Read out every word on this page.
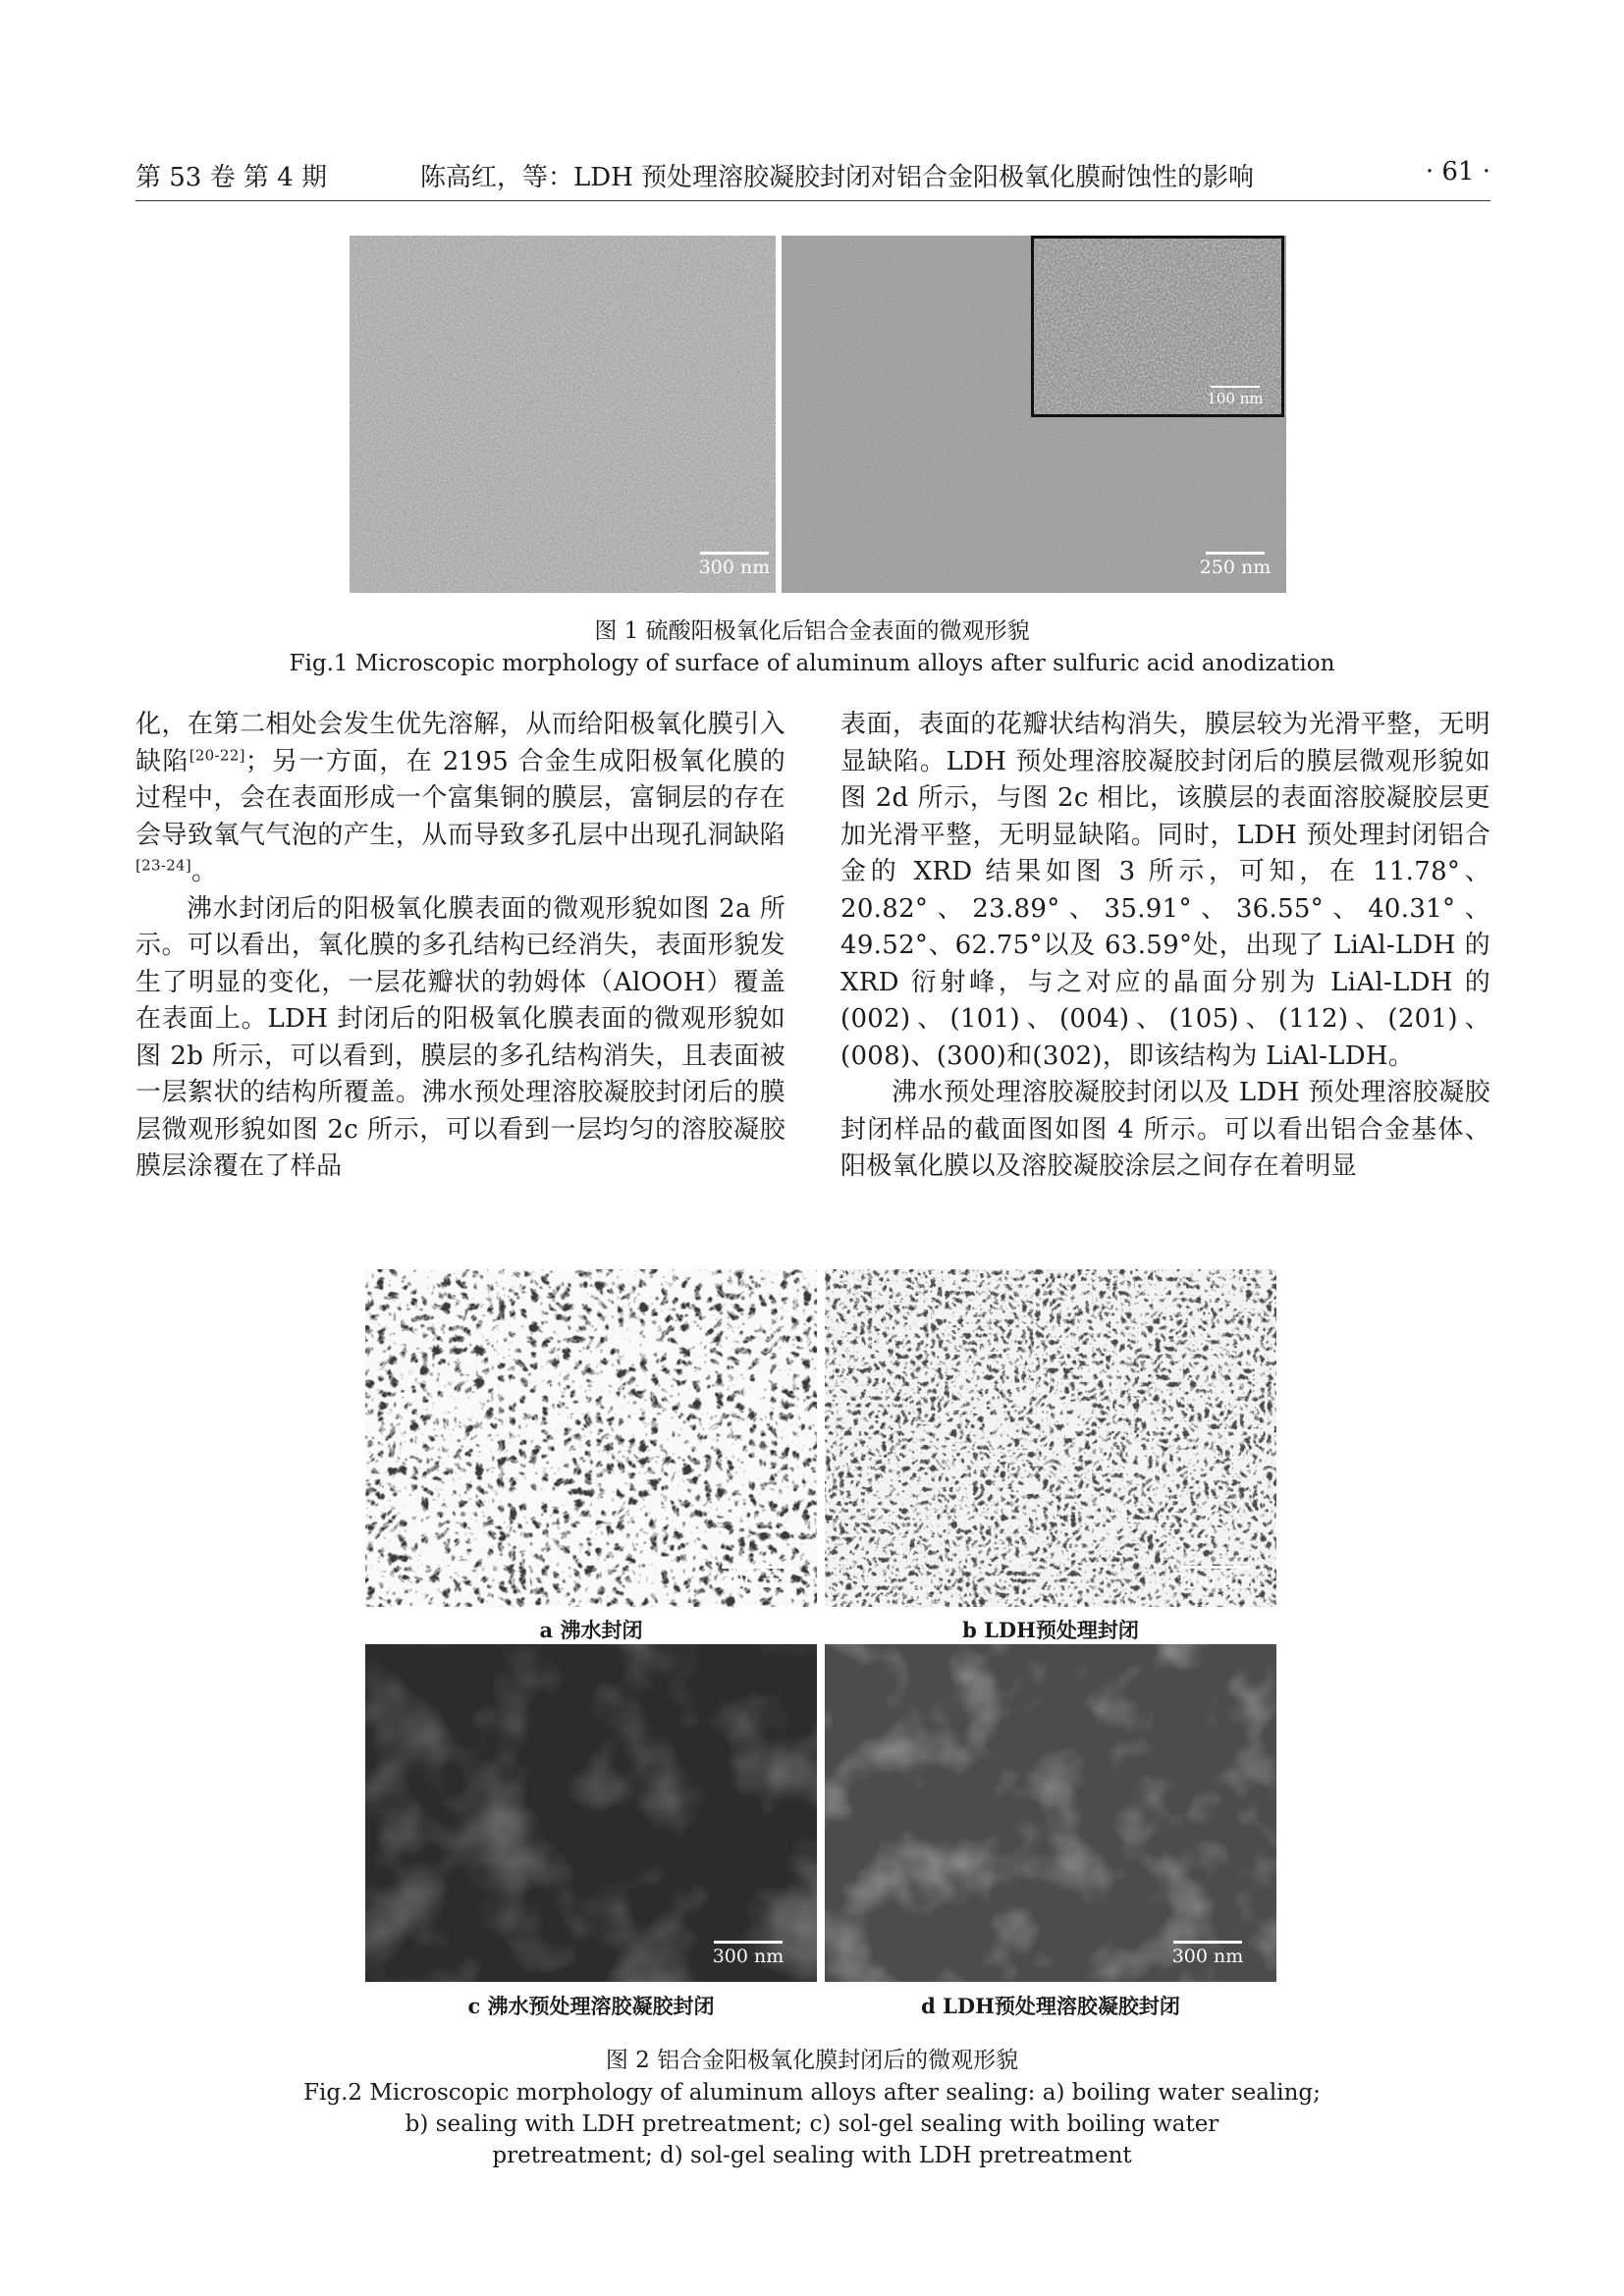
第 53 卷 第 4 期	陈高红，等：LDH 预处理溶胶凝胶封闭对铝合金阳极氧化膜耐蚀性的影响	· 61 ·
300 nm
100 nm
250 nm
图 1 硫酸阳极氧化后铝合金表面的微观形貌
Fig.1 Microscopic morphology of surface of aluminum alloys after sulfuric acid anodization

化，在第二相处会发生优先溶解，从而给阳极氧化膜引入缺陷[20-22]；另一方面，在 2195 合金生成阳极氧化膜的过程中，会在表面形成一个富集铜的膜层，富铜层的存在会导致氧气气泡的产生，从而导致多孔层中出现孔洞缺陷[23-24]。

沸水封闭后的阳极氧化膜表面的微观形貌如图 2a 所示。可以看出，氧化膜的多孔结构已经消失，表面形貌发生了明显的变化，一层花瓣状的勃姆体（AlOOH）覆盖在表面上。LDH 封闭后的阳极氧化膜表面的微观形貌如图 2b 所示，可以看到，膜层的多孔结构消失，且表面被一层絮状的结构所覆盖。沸水预处理溶胶凝胶封闭后的膜层微观形貌如图 2c 所示，可以看到一层均匀的溶胶凝胶膜层涂覆在了样品

表面，表面的花瓣状结构消失，膜层较为光滑平整，无明显缺陷。LDH 预处理溶胶凝胶封闭后的膜层微观形貌如图 2d 所示，与图 2c 相比，该膜层的表面溶胶凝胶层更加光滑平整，无明显缺陷。同时，LDH 预处理封闭铝合金的 XRD 结果如图 3 所示，可知，在 11.78°、20.82°、23.89°、35.91°、36.55°、40.31°、49.52°、62.75°以及 63.59°处，出现了 LiAl-LDH 的 XRD 衍射峰，与之对应的晶面分别为 LiAl-LDH 的(002)、(101)、(004)、(105)、(112)、(201)、(008)、(300)和(302)，即该结构为 LiAl-LDH。

沸水预处理溶胶凝胶封闭以及 LDH 预处理溶胶凝胶封闭样品的截面图如图 4 所示。可以看出铝合金基体、阳极氧化膜以及溶胶凝胶涂层之间存在着明显

300 nm	300 nm
a 沸水封闭	b LDH预处理封闭
300 nm	300 nm
c 沸水预处理溶胶凝胶封闭	d LDH预处理溶胶凝胶封闭
图 2 铝合金阳极氧化膜封闭后的微观形貌
Fig.2 Microscopic morphology of aluminum alloys after sealing: a) boiling water sealing;
b) sealing with LDH pretreatment; c) sol-gel sealing with boiling water
pretreatment; d) sol-gel sealing with LDH pretreatment
